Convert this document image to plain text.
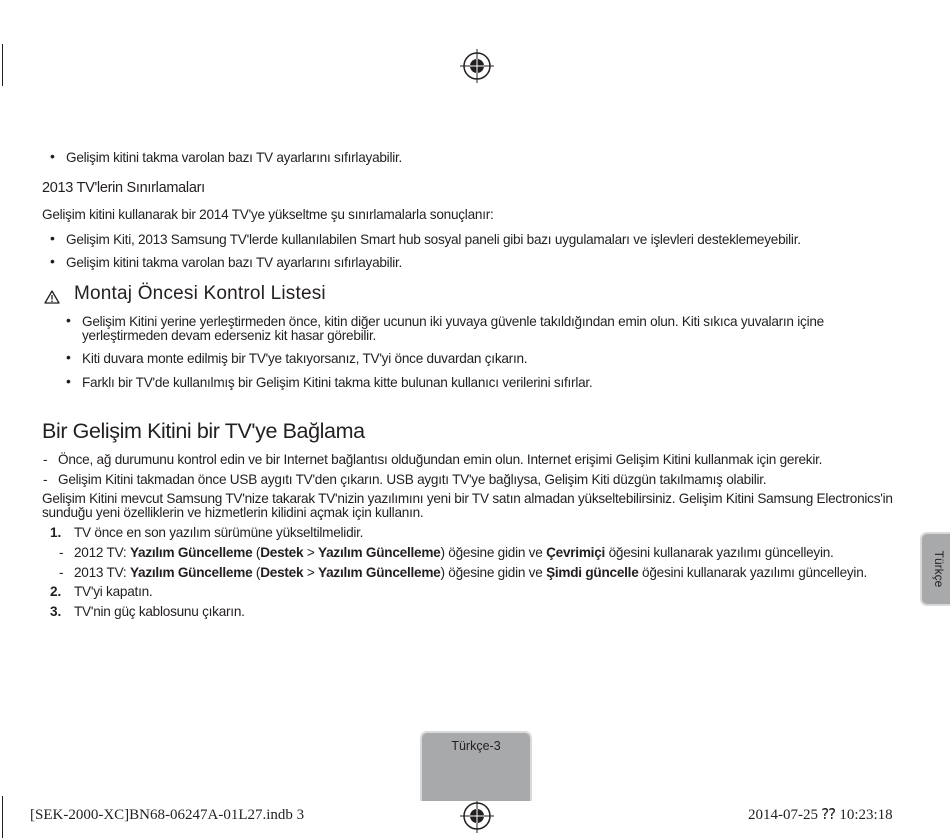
• Gelişim kitini takma varolan bazı TV ayarlarını sıfırlayabilir.
2013 TV'lerin Sınırlamaları
Gelişim kitini kullanarak bir 2014 TV'ye yükseltme şu sınırlamalarla sonuçlanır:
• Gelişim Kiti, 2013 Samsung TV'lerde kullanılabilen Smart hub sosyal paneli gibi bazı uygulamaları ve işlevleri desteklemeyebilir.
• Gelişim kitini takma varolan bazı TV ayarlarını sıfırlayabilir.
Montaj Öncesi Kontrol Listesi
• Gelişim Kitini yerine yerleştirmeden önce, kitin diğer ucunun iki yuvaya güvenle takıldığından emin olun. Kiti sıkıca yuvaların içine
yerleştirmeden devam ederseniz kit hasar görebilir.
• Kiti duvara monte edilmiş bir TV'ye takıyorsanız, TV'yi önce duvardan çıkarın.
• Farklı bir TV'de kullanılmış bir Gelişim Kitini takma kitte bulunan kullanıcı verilerini sıfırlar.
Bir Gelişim Kitini bir TV'ye Bağlama
- Önce, ağ durumunu kontrol edin ve bir Internet bağlantısı olduğundan emin olun. Internet erişimi Gelişim Kitini kullanmak için gerekir.
- Gelişim Kitini takmadan önce USB aygıtı TV'den çıkarın. USB aygıtı TV'ye bağlıysa, Gelişim Kiti düzgün takılmamış olabilir.
Gelişim Kitini mevcut Samsung TV'nize takarak TV'nizin yazılımını yeni bir TV satın almadan yükseltebilirsiniz. Gelişim Kitini Samsung Electronics'in
sunduğu yeni özelliklerin ve hizmetlerin kilidini açmak için kullanın.
1. TV önce en son yazılım sürümüne yükseltilmelidir.
- 2012 TV: Yazılım Güncelleme (Destek > Yazılım Güncelleme) öğesine gidin ve Çevrimiçi öğesini kullanarak yazılımı güncelleyin.
- 2013 TV: Yazılım Güncelleme (Destek > Yazılım Güncelleme) öğesine gidin ve Şimdi güncelle öğesini kullanarak yazılımı güncelleyin.
2. TV'yi kapatın.
3. TV'nin güç kablosunu çıkarın.
Türkçe
Türkçe-3
[SEK-2000-XC]BN68-06247A-01L27.indb 3	2014-07-25 ⁇ 10:23:18
